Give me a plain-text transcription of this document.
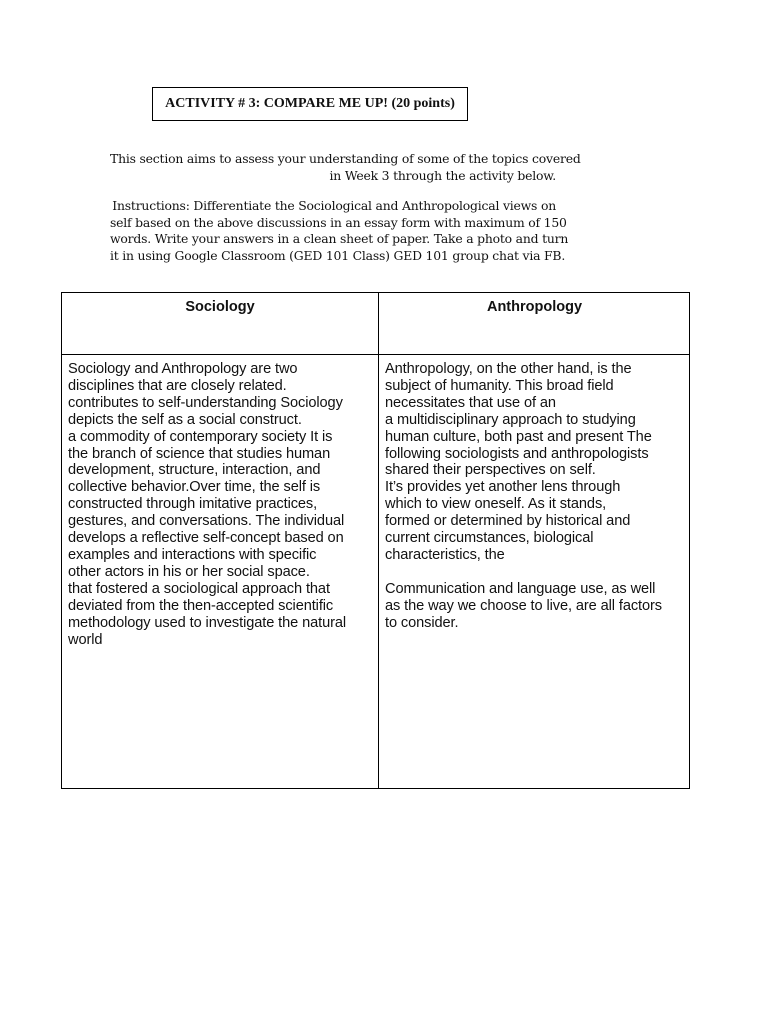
ACTIVITY # 3: COMPARE ME UP! (20 points)
This section aims to assess your understanding of some of the topics covered
in Week 3 through the activity below.
Instructions: Differentiate the Sociological and Anthropological views on
self based on the above discussions in an essay form with maximum of 150
words. Write your answers in a clean sheet of paper. Take a photo and turn
it in using Google Classroom (GED 101 Class) GED 101 group chat via FB.
Sociology	Anthropology
Sociology and Anthropology are two
disciplines that are closely related.
contributes to self-understanding Sociology
depicts the self as a social construct.
a commodity of contemporary society It is
the branch of science that studies human
development, structure, interaction, and
collective behavior.Over time, the self is
constructed through imitative practices,
gestures, and conversations. The individual
develops a reflective self-concept based on
examples and interactions with specific
other actors in his or her social space.
that fostered a sociological approach that
deviated from the then-accepted scientific
methodology used to investigate the natural
world
Anthropology, on the other hand, is the
subject of humanity. This broad field
necessitates that use of an
a multidisciplinary approach to studying
human culture, both past and present The
following sociologists and anthropologists
shared their perspectives on self.
It’s provides yet another lens through
which to view oneself. As it stands,
formed or determined by historical and
current circumstances, biological
characteristics, the
Communication and language use, as well
as the way we choose to live, are all factors
to consider.
